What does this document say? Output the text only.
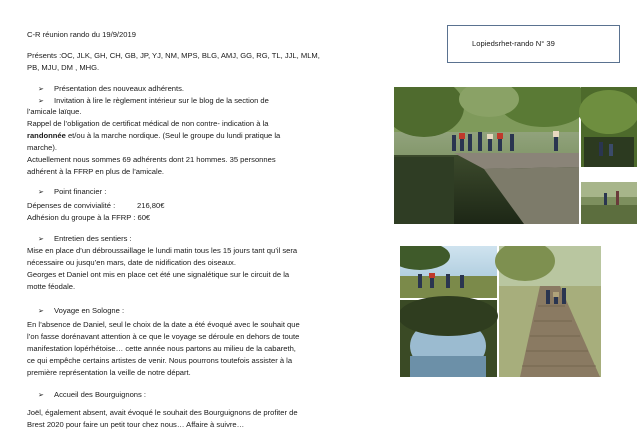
C-R réunion rando du 19/9/2019

Présents :OC, JLK, GH, CH, GB, JP, YJ, NM, MPS, BLG, AMJ, GG, RG, TL, JJL, MLM,

PB, MJU, DM , MHG.

➢ Présentation des nouveaux adhérents.

➢ Invitation à lire le règlement intérieur sur le blog de la section de

l’amicale laïque.

Rappel de l’obligation de certificat médical de non contre- indication à la

randonnée et/ou à la marche nordique. (Seul le groupe du lundi pratique la

marche).

Actuellement nous sommes 69 adhérents dont 21 hommes. 35 personnes

adhérent à la FFRP en plus de l’amicale.

➢ Point financier :

Dépenses de convivialité :	216,80€

Adhésion du groupe à la FFRP : 60€

➢ Entretien des sentiers :

Mise en place d’un débroussaillage le lundi matin tous les 15 jours tant qu’il sera

nécessaire ou jusqu’en mars, date de nidification des oiseaux.

Georges et Daniel ont mis en place cet été une signalétique sur le circuit de la

motte féodale.

➢ Voyage en Sologne :

En l’absence de Daniel, seul le choix de la date a été évoqué avec le souhait que

l’on fasse dorénavant attention à ce que le voyage se déroule en dehors de toute

manifestation lopérhétoise… cette année nous partons au milieu de la cabareth,

ce qui empêche certains artistes de venir. Nous pourrons toutefois assister à la

première représentation la veille de notre départ.

➢ Accueil des Bourguignons :

Joël, également absent, avait évoqué le souhait des Bourguignons de profiter de

Brest 2020 pour faire un petit tour chez nous… Affaire à suivre…

Lopiedsrhet-rando N° 39
